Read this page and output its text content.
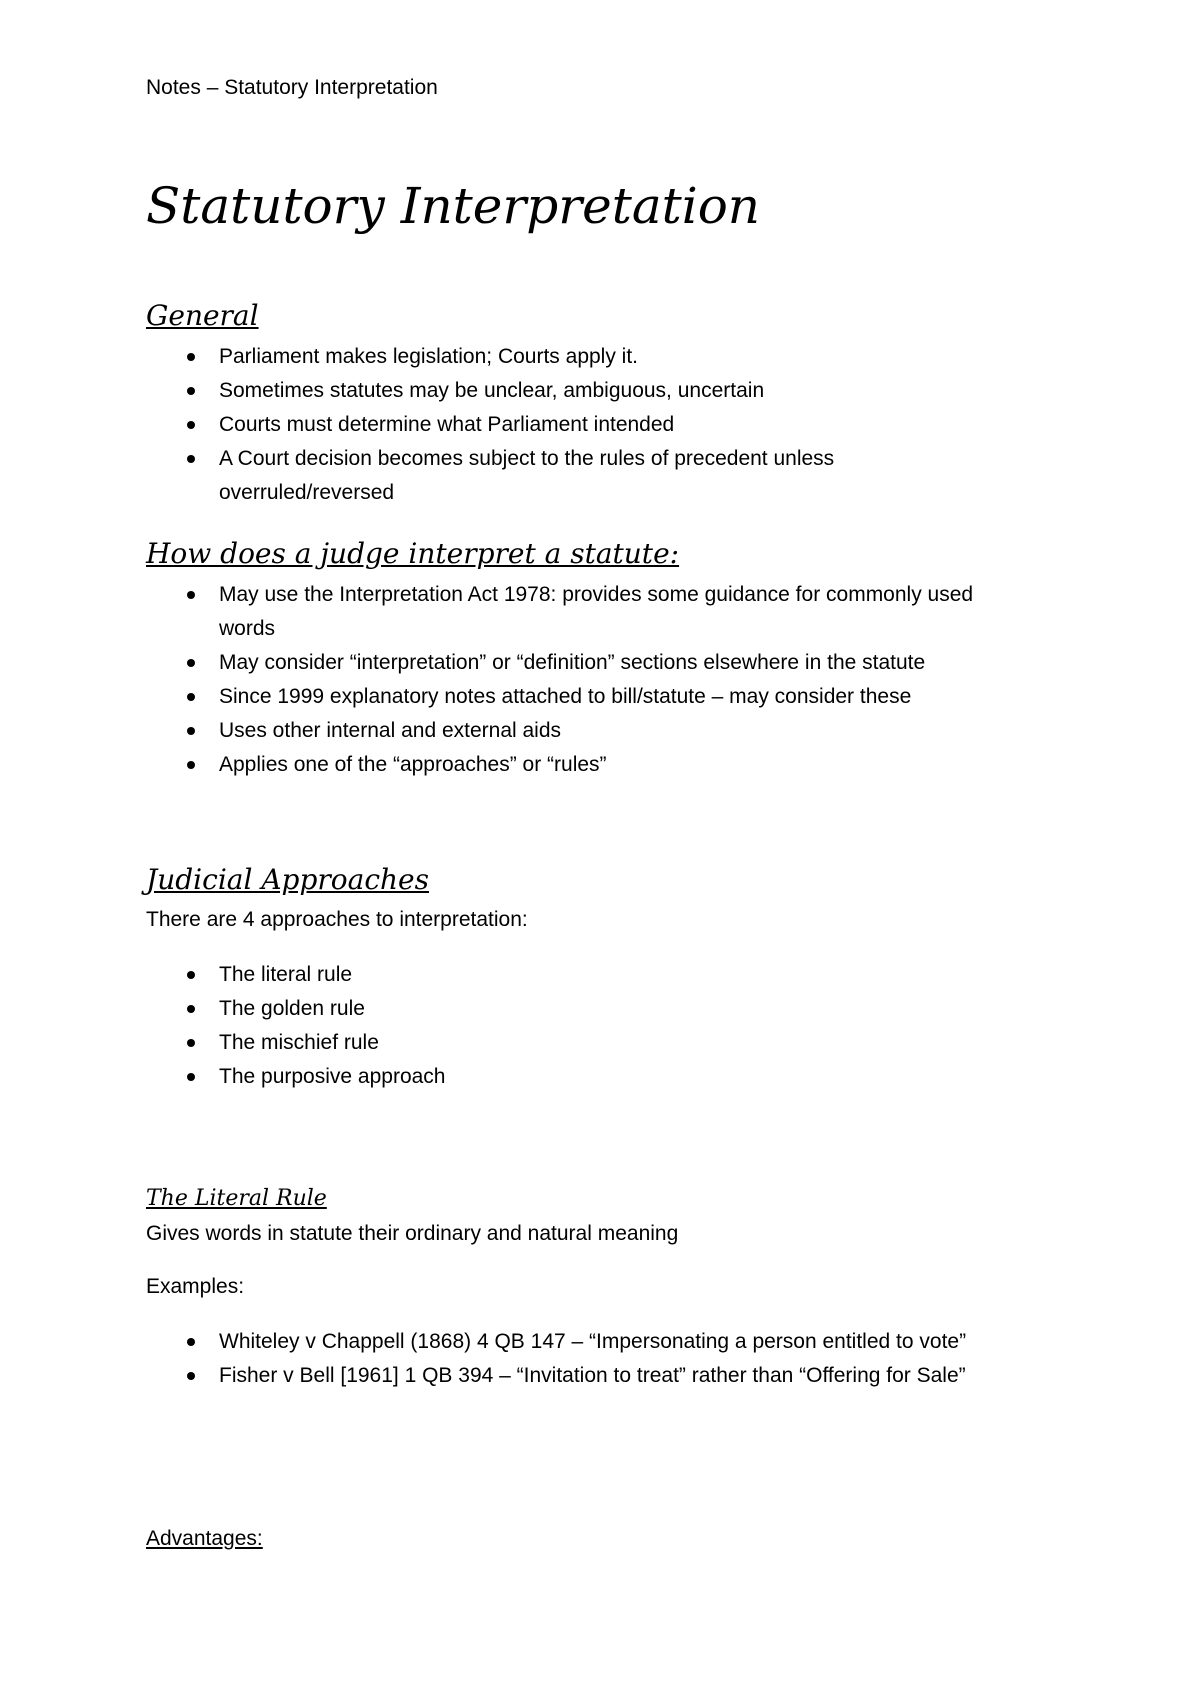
Notes – Statutory Interpretation
Statutory Interpretation
General
Parliament makes legislation; Courts apply it.
Sometimes statutes may be unclear, ambiguous, uncertain
Courts must determine what Parliament intended
A Court decision becomes subject to the rules of precedent unless overruled/reversed
How does a judge interpret a statute:
May use the Interpretation Act 1978: provides some guidance for commonly used words
May consider “interpretation” or “definition” sections elsewhere in the statute
Since 1999 explanatory notes attached to bill/statute – may consider these
Uses other internal and external aids
Applies one of the “approaches” or “rules”
Judicial Approaches

There are 4 approaches to interpretation:

The literal rule
The golden rule
The mischief rule
The purposive approach
The Literal Rule

Gives words in statute their ordinary and natural meaning

Examples:

Whiteley v Chappell (1868) 4 QB 147 – “Impersonating a person entitled to vote”
Fisher v Bell [1961] 1 QB 394 – “Invitation to treat” rather than “Offering for Sale”

Advantages:
